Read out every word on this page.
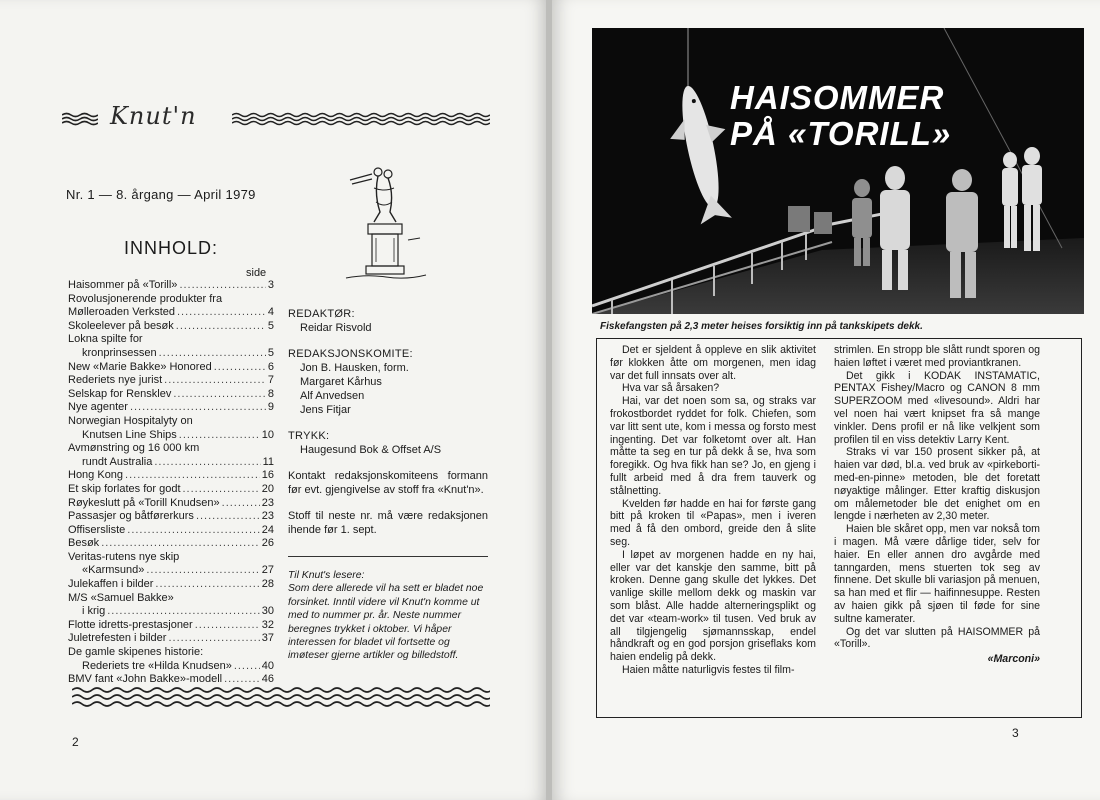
Knut'n
Nr. 1 — 8. årgang — April 1979
INNHOLD:
side
Haisommer på «Torill» .....	3
Rovolusjonerende produkter fra
Mølleroaden Verksted .....	4
Skoleelever på besøk .....	5
Lokna spilte for
kronprinsessen .....	5
New «Marie Bakke» Honored .....	6
Rederiets nye jurist .....	7
Selskap for Rensklev .....	8
Nye agenter .....	9
Norwegian Hospitalyty on
Knutsen Line Ships .....	10
Avmønstring og 16 000 km
rundt Australia .....	11
Hong Kong .....	16
Et skip forlates for godt .....	20
Røykeslutt på «Torill Knudsen» .....	23
Passasjer og båtførerkurs .....	23
Offisersliste .....	24
Besøk .....	26
Veritas-rutens nye skip
«Karmsund» .....	27
Julekaffen i bilder .....	28
M/S «Samuel Bakke»
i krig .....	30
Flotte idretts-prestasjoner .....	32
Juletrefesten i bilder .....	37
De gamle skipenes historie:
Rederiets tre «Hilda Knudsen» .....	40
BMV fant «John Bakke»-modell .....	46
REDAKTØR:
Reidar Risvold
REDAKSJONSKOMITE:
Jon B. Hausken, form.
Margaret Kårhus
Alf Anvedsen
Jens Fitjar
TRYKK:
Haugesund Bok & Offset A/S
Kontakt redaksjonskomiteens formann før evt. gjengivelse av stoff fra «Knut'n».
Stoff til neste nr. må være redaksjonen ihende før 1. sept.
Til Knut's lesere:
Som dere allerede vil ha sett er bladet noe forsinket. Inntil videre vil Knut'n komme ut med to nummer pr. år. Neste nummer beregnes trykket i oktober. Vi håper interessen for bladet vil fortsette og imøteser gjerne artikler og billedstoff.
2
HAISOMMER
PÅ «TORILL»
Fiskefangsten på 2,3 meter heises forsiktig inn på tankskipets dekk.

Det er sjeldent å oppleve en slik aktivitet før klokken åtte om morgenen, men idag var det full innsats over alt.

Hva var så årsaken?

Hai, var det noen som sa, og straks var frokostbordet ryddet for folk. Chiefen, som var litt sent ute, kom i messa og forsto mest ingenting. Det var folketomt over alt. Han måtte ta seg en tur på dekk å se, hva som foregikk. Og hva fikk han se? Jo, en gjeng i fullt arbeid med å dra frem tauverk og stålnetting.

Kvelden før hadde en hai for første gang bitt på kroken til «Papas», men i iveren med å få den ombord, greide den å slite seg.

I løpet av morgenen hadde en ny hai, eller var det kanskje den samme, bitt på kroken. Denne gang skulle det lykkes. Det vanlige skille mellom dekk og maskin var som blåst. Alle hadde alterneringsplikt og det var «team-work» til tusen. Ved bruk av all tilgjengelig sjømannsskap, endel håndkraft og en god porsjon griseflaks kom haien endelig på dekk.

Haien måtte naturligvis festes til film-

strimlen. En stropp ble slått rundt sporen og haien løftet i været med proviantkranen.

Det gikk i KODAK INSTAMATIC, PENTAX Fishey/Macro og CANON 8 mm SUPERZOOM med «livesound». Aldri har vel noen hai vært knipset fra så mange vinkler. Dens profil er nå like velkjent som profilen til en viss detektiv Larry Kent.

Straks vi var 150 prosent sikker på, at haien var død, bl.a. ved bruk av «pirkeborti-med-en-pinne» metoden, ble det foretatt nøyaktige målinger. Etter kraftig diskusjon om målemetoder ble det enighet om en lengde i nærheten av 2,30 meter.

Haien ble skåret opp, men var nokså tom i magen. Må være dårlige tider, selv for haier. En eller annen dro avgårde med tanngarden, mens stuerten tok seg av finnene. Det skulle bli variasjon på menuen, sa han med et flir — haifinnesuppe. Resten av haien gikk på sjøen til føde for sine sultne kamerater.

Og det var slutten på HAISOMMER på «Torill».

«Marconi»
3
